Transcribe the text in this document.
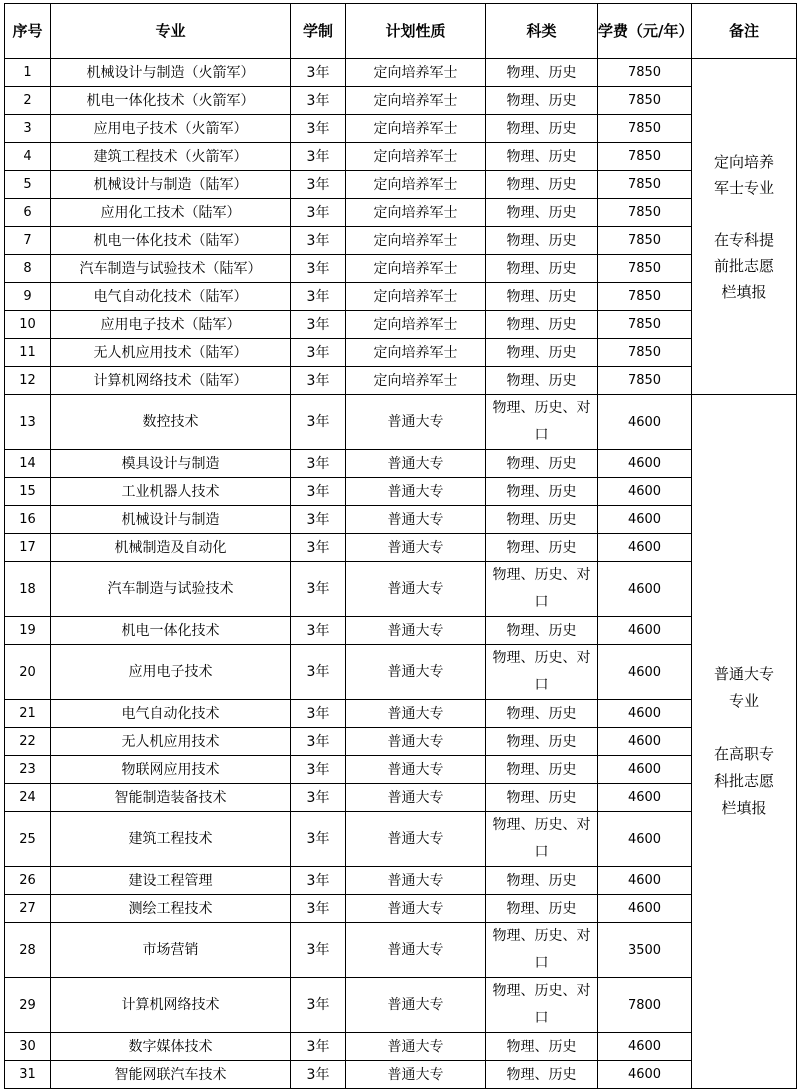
序号	专业	学制	计划性质	科类	学费（元/年）	备注
1	机械设计与制造（火箭军）	3年	定向培养军士	物理、历史	7850	定向培养
军士专业
在专科提
前批志愿
栏填报

2	机电一体化技术（火箭军）	3年	定向培养军士	物理、历史	7850	
3	应用电子技术（火箭军）	3年	定向培养军士	物理、历史	7850	
4	建筑工程技术（火箭军）	3年	定向培养军士	物理、历史	7850	
5	机械设计与制造（陆军）	3年	定向培养军士	物理、历史	7850	
6	应用化工技术（陆军）	3年	定向培养军士	物理、历史	7850	
7	机电一体化技术（陆军）	3年	定向培养军士	物理、历史	7850	
8	汽车制造与试验技术（陆军）	3年	定向培养军士	物理、历史	7850	
9	电气自动化技术（陆军）	3年	定向培养军士	物理、历史	7850	
10	应用电子技术（陆军）	3年	定向培养军士	物理、历史	7850	
11	无人机应用技术（陆军）	3年	定向培养军士	物理、历史	7850	
12	计算机网络技术（陆军）	3年	定向培养军士	物理、历史	7850	
13	数控技术	3年	普通大专	物理、历史、对口	4600	普通大专
专业
在高职专
科批志愿
栏填报

14	模具设计与制造	3年	普通大专	物理、历史	4600	
15	工业机器人技术	3年	普通大专	物理、历史	4600	
16	机械设计与制造	3年	普通大专	物理、历史	4600	
17	机械制造及自动化	3年	普通大专	物理、历史	4600	
18	汽车制造与试验技术	3年	普通大专	物理、历史、对口	4600	
19	机电一体化技术	3年	普通大专	物理、历史	4600	
20	应用电子技术	3年	普通大专	物理、历史、对口	4600	
21	电气自动化技术	3年	普通大专	物理、历史	4600	
22	无人机应用技术	3年	普通大专	物理、历史	4600	
23	物联网应用技术	3年	普通大专	物理、历史	4600	
24	智能制造装备技术	3年	普通大专	物理、历史	4600	
25	建筑工程技术	3年	普通大专	物理、历史、对口	4600	
26	建设工程管理	3年	普通大专	物理、历史	4600	
27	测绘工程技术	3年	普通大专	物理、历史	4600	
28	市场营销	3年	普通大专	物理、历史、对口	3500	
29	计算机网络技术	3年	普通大专	物理、历史、对口	7800	
30	数字媒体技术	3年	普通大专	物理、历史	4600	
31	智能网联汽车技术	3年	普通大专	物理、历史	4600	
